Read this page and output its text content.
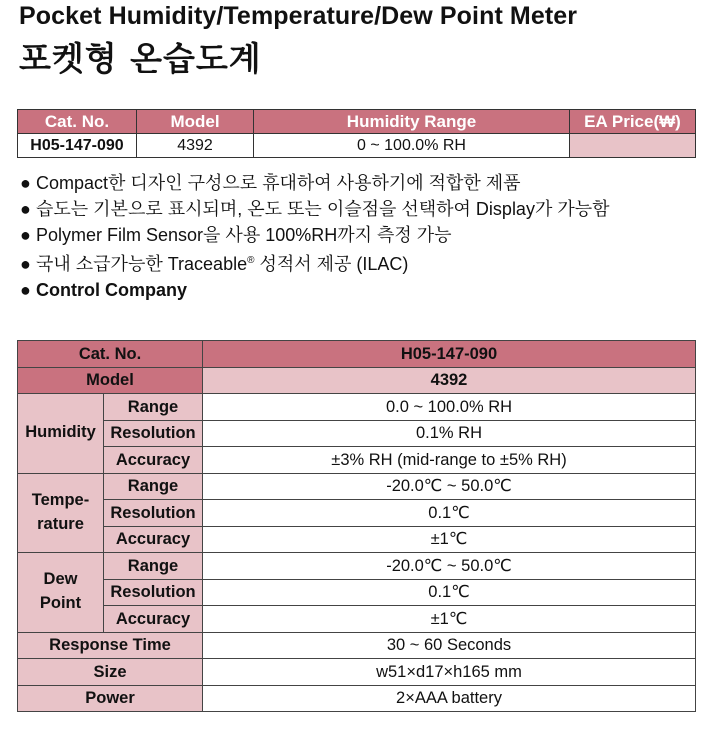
Pocket Humidity/Temperature/Dew Point Meter
포켓형 온습도계
Cat. No.	Model	Humidity Range	EA Price(₩)
H05-147-090	4392	0 ~ 100.0% RH	
● Compact한 디자인 구성으로 휴대하여 사용하기에 적합한 제품
● 습도는 기본으로 표시되며, 온도 또는 이슬점을 선택하여 Display가 가능함
● Polymer Film Sensor을 사용 100%RH까지 측정 가능
● 국내 소급가능한 Traceable® 성적서 제공 (ILAC)
● Control Company
Cat. No.		H05-147-090
Model		4392
Humidity	Range	0.0 ~ 100.0% RH
	Resolution	0.1% RH
	Accuracy	±3% RH (mid-range to ±5% RH)
Tempe-
rature	Range	-20.0℃ ~ 50.0℃
	Resolution	0.1℃
	Accuracy	±1℃
Dew
Point	Range	-20.0℃ ~ 50.0℃
	Resolution	0.1℃
	Accuracy	±1℃
Response Time		30 ~ 60 Seconds
Size		w51×d17×h165 mm
Power		2×AAA battery
